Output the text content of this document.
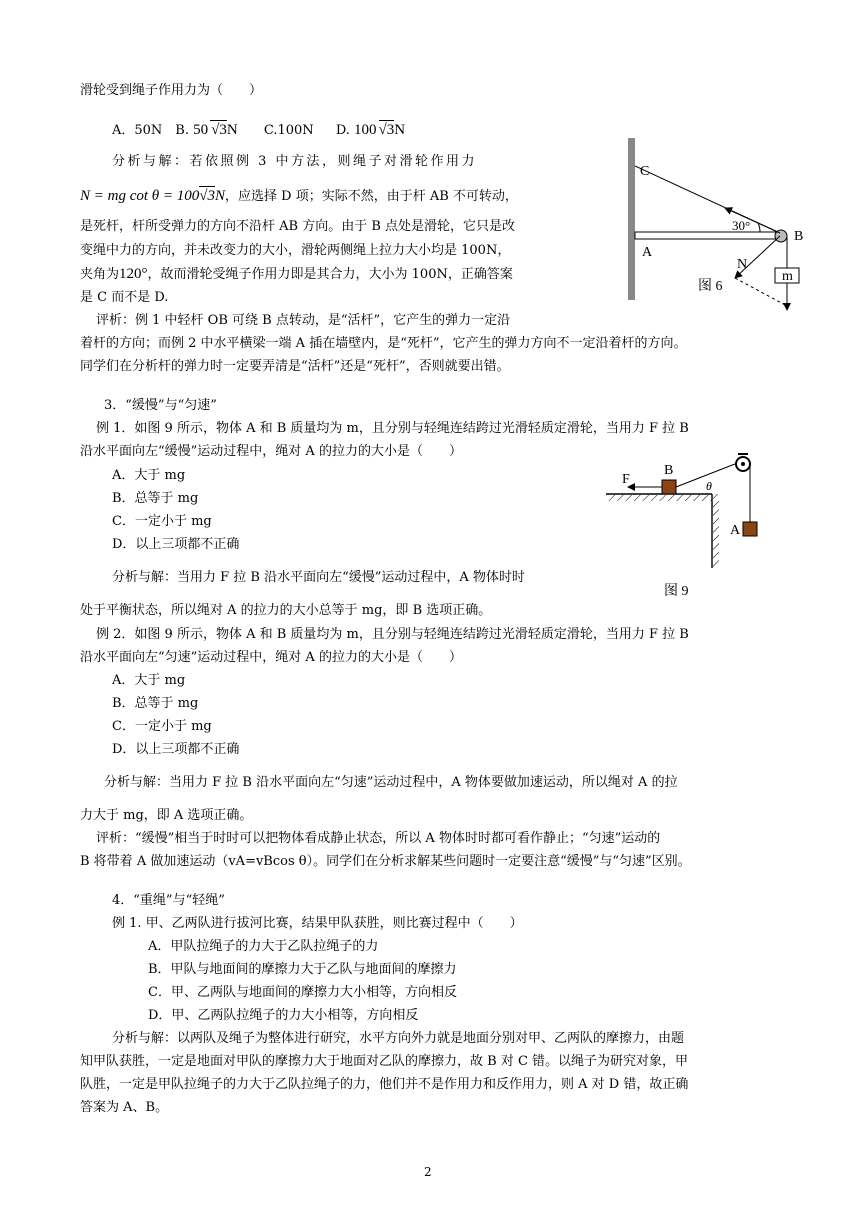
滑轮受到绳子作用力为（　　）
A．50N　B. 50 √3N C.100N D. 100 √3N
分析与解：若依照例 3 中方法，则绳子对滑轮作用力
N = mg cot θ = 100√3N，应选择 D 项；实际不然，由于杆 AB 不可转动，
是死杆，杆所受弹力的方向不沿杆 AB 方向。由于 B 点处是滑轮，它只是改
变绳中力的方向，并未改变力的大小，滑轮两侧绳上拉力大小均是 100N，
夹角为120°，故而滑轮受绳子作用力即是其合力，大小为 100N，正确答案
是 C 而不是 D.
评析：例 1 中轻杆 OB 可绕 B 点转动，是“活杆”，它产生的弹力一定沿
着杆的方向；而例 2 中水平横梁一端 A 插在墙壁内，是“死杆”，它产生的弹力方向不一定沿着杆的方向。
同学们在分析杆的弹力时一定要弄清是“活杆”还是“死杆”，否则就要出错。
C
A
B
N
m
30°
图 6
3．“缓慢”与“匀速”
例 1．如图 9 所示，物体 A 和 B 质量均为 m，且分别与轻绳连结跨过光滑轻质定滑轮，当用力 F 拉 B
沿水平面向左“缓慢”运动过程中，绳对 A 的拉力的大小是（　　）
A．大于 mg
B．总等于 mg
C．一定小于 mg
D．以上三项都不正确
分析与解：当用力 F 拉 B 沿水平面向左“缓慢”运动过程中，A 物体时时
处于平衡状态，所以绳对 A 的拉力的大小总等于 mg，即 B 选项正确。
例 2．如图 9 所示，物体 A 和 B 质量均为 m，且分别与轻绳连结跨过光滑轻质定滑轮，当用力 F 拉 B
沿水平面向左“匀速”运动过程中，绳对 A 的拉力的大小是（　　）
A．大于 mg
B．总等于 mg
C．一定小于 mg
D．以上三项都不正确
分析与解：当用力 F 拉 B 沿水平面向左“匀速”运动过程中，A 物体要做加速运动，所以绳对 A 的拉
力大于 mg，即 A 选项正确。
评析：“缓慢”相当于时时可以把物体看成静止状态，所以 A 物体时时都可看作静止；“匀速”运动的
B 将带着 A 做加速运动（vA=vBcos θ）。同学们在分析求解某些问题时一定要注意“缓慢”与“匀速”区别。
F
B
A
θ
图 9
4．“重绳”与“轻绳”
例 1. 甲、乙两队进行拔河比赛，结果甲队获胜，则比赛过程中（　　）
A．甲队拉绳子的力大于乙队拉绳子的力
B．甲队与地面间的摩擦力大于乙队与地面间的摩擦力
C．甲、乙两队与地面间的摩擦力大小相等，方向相反
D．甲、乙两队拉绳子的力大小相等，方向相反
分析与解：以两队及绳子为整体进行研究，水平方向外力就是地面分别对甲、乙两队的摩擦力，由题
知甲队获胜，一定是地面对甲队的摩擦力大于地面对乙队的摩擦力，故 B 对 C 错。以绳子为研究对象，甲
队胜，一定是甲队拉绳子的力大于乙队拉绳子的力，他们并不是作用力和反作用力，则 A 对 D 错，故正确
答案为 A、B。
2
